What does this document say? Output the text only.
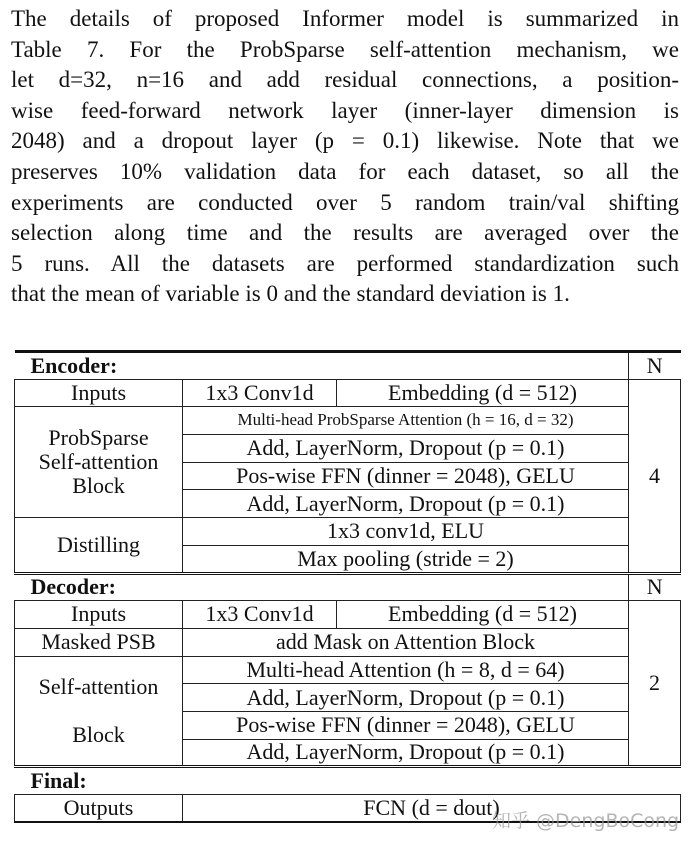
The details of proposed Informer model is summarized in
Table 7. For the ProbSparse self-attention mechanism, we
let d=32, n=16 and add residual connections, a position-
wise feed-forward network layer (inner-layer dimension is
2048) and a dropout layer (p = 0.1) likewise. Note that we
preserves 10% validation data for each dataset, so all the
experiments are conducted over 5 random train/val shifting
selection along time and the results are averaged over the
5 runs. All the datasets are performed standardization such
that the mean of variable is 0 and the standard deviation is 1.
Encoder:			N
Inputs	1x3 Conv1d	Embedding (d = 512)	4
ProbSparse
Self-attention
Block	Multi-head ProbSparse Attention (h = 16, d = 32)		
	Add, LayerNorm, Dropout (p = 0.1)		
	Pos-wise FFN (dinner = 2048), GELU		
	Add, LayerNorm, Dropout (p = 0.1)		
Distilling	1x3 conv1d, ELU		
	Max pooling (stride = 2)		
Decoder:			N
Inputs	1x3 Conv1d	Embedding (d = 512)	2
Masked PSB	add Mask on Attention Block		
Self-attention

Block	Multi-head Attention (h = 8, d = 64)		
	Add, LayerNorm, Dropout (p = 0.1)		
	Pos-wise FFN (dinner = 2048), GELU		
	Add, LayerNorm, Dropout (p = 0.1)		
Final:			
Outputs	FCN (d = dout)		
知乎 @DengBoCong
